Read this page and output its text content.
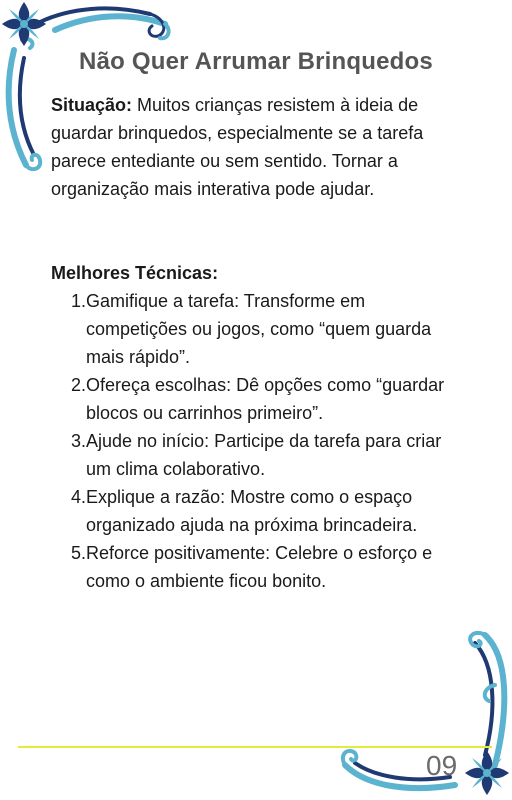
Não Quer Arrumar Brinquedos

Situação: Muitos crianças resistem à ideia de guardar brinquedos, especialmente se a tarefa parece entediante ou sem sentido. Tornar a organização mais interativa pode ajudar.

Melhores Técnicas:

1. Gamifique a tarefa: Transforme em competições ou jogos, como “quem guarda mais rápido”.
2. Ofereça escolhas: Dê opções como “guardar blocos ou carrinhos primeiro”.
3. Ajude no início: Participe da tarefa para criar um clima colaborativo.
4. Explique a razão: Mostre como o espaço organizado ajuda na próxima brincadeira.
5. Reforce positivamente: Celebre o esforço e como o ambiente ficou bonito.
09
